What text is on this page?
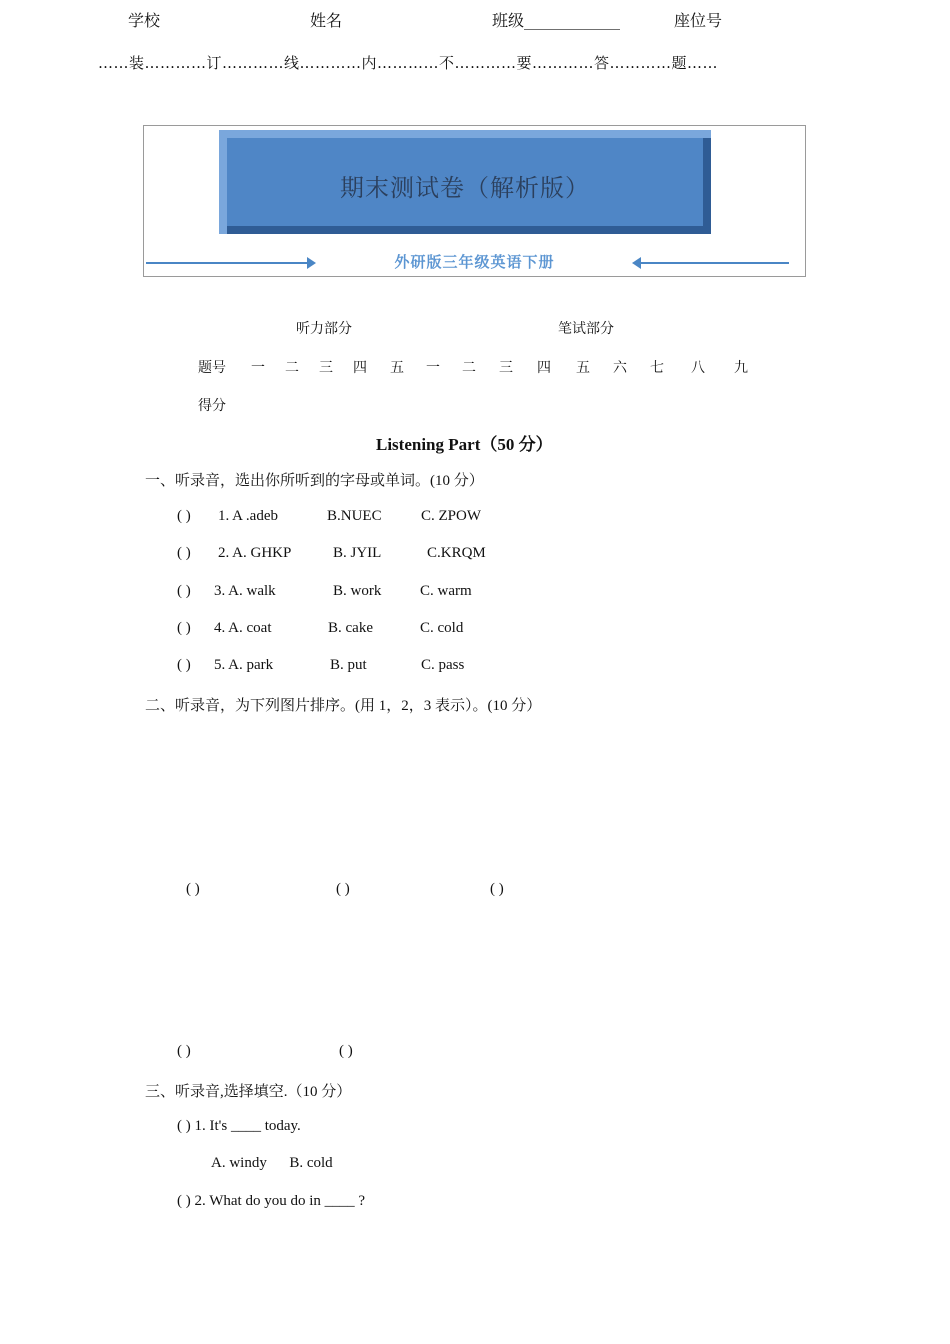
学校	姓名	班级____________	座位号
……装…………订…………线…………内…………不…………要…………答…………题……
期末测试卷（解析版）
外研版三年级英语下册
听力部分	笔试部分
题号 一 二 三 四 五 一 二 三 四 五 六 七 八 九
得分
Listening Part（50 分）
一、听录音，选出你所听到的字母或单词。(10 分）
( ) 1. A .adeb	B.NUEC	C. ZPOW
( ) 2. A. GHKP	B. JYIL	C.KRQM
( ) 3. A. walk	B. work	C. warm
( ) 4. A. coat	B. cake	C. cold
( ) 5. A. park	B. put	C. pass
二、听录音，为下列图片排序。(用 1，2，3 表示）。(10 分）
( )	( )	( )
( )	( )
三、听录音,选择填空.（10 分）
( ) 1. It's ____ today.
A. windy      B. cold
( ) 2. What do you do in ____ ?
